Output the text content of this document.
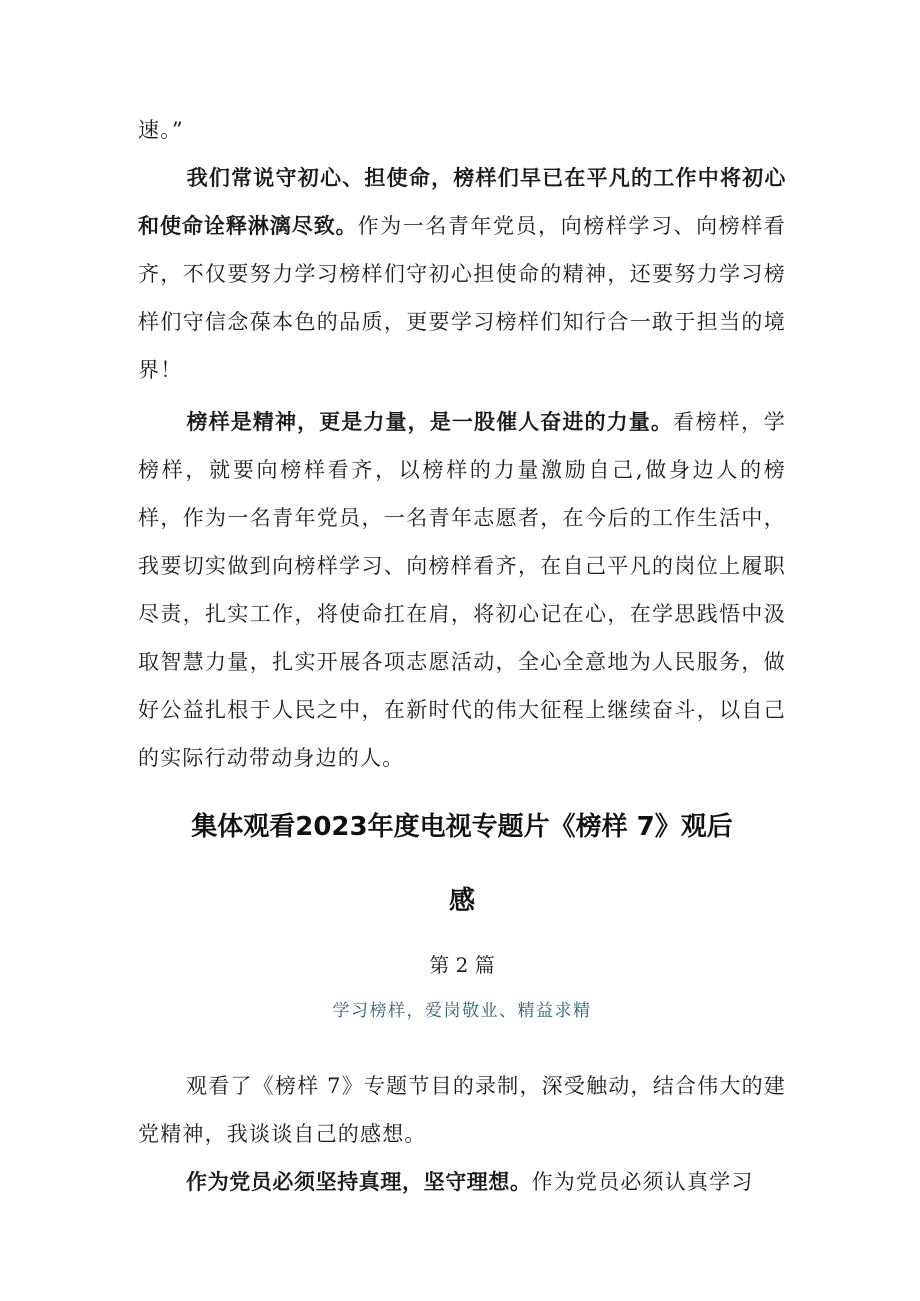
速。”

我们常说守初心、担使命，榜样们早已在平凡的工作中将初心和使命诠释淋漓尽致。作为一名青年党员，向榜样学习、向榜样看齐，不仅要努力学习榜样们守初心担使命的精神，还要努力学习榜样们守信念葆本色的品质，更要学习榜样们知行合一敢于担当的境界！

榜样是精神，更是力量，是一股催人奋进的力量。看榜样，学榜样，就要向榜样看齐，以榜样的力量激励自己,做身边人的榜样，作为一名青年党员，一名青年志愿者，在今后的工作生活中，我要切实做到向榜样学习、向榜样看齐，在自己平凡的岗位上履职尽责，扎实工作，将使命扛在肩，将初心记在心，在学思践悟中汲取智慧力量，扎实开展各项志愿活动，全心全意地为人民服务，做好公益扎根于人民之中，在新时代的伟大征程上继续奋斗，以自己的实际行动带动身边的人。

集体观看2023年度电视专题片《榜样 7》观后
感

第 2 篇

学习榜样，爱岗敬业、精益求精

观看了《榜样 7》专题节目的录制，深受触动，结合伟大的建党精神，我谈谈自己的感想。

作为党员必须坚持真理，坚守理想。作为党员必须认真学习
